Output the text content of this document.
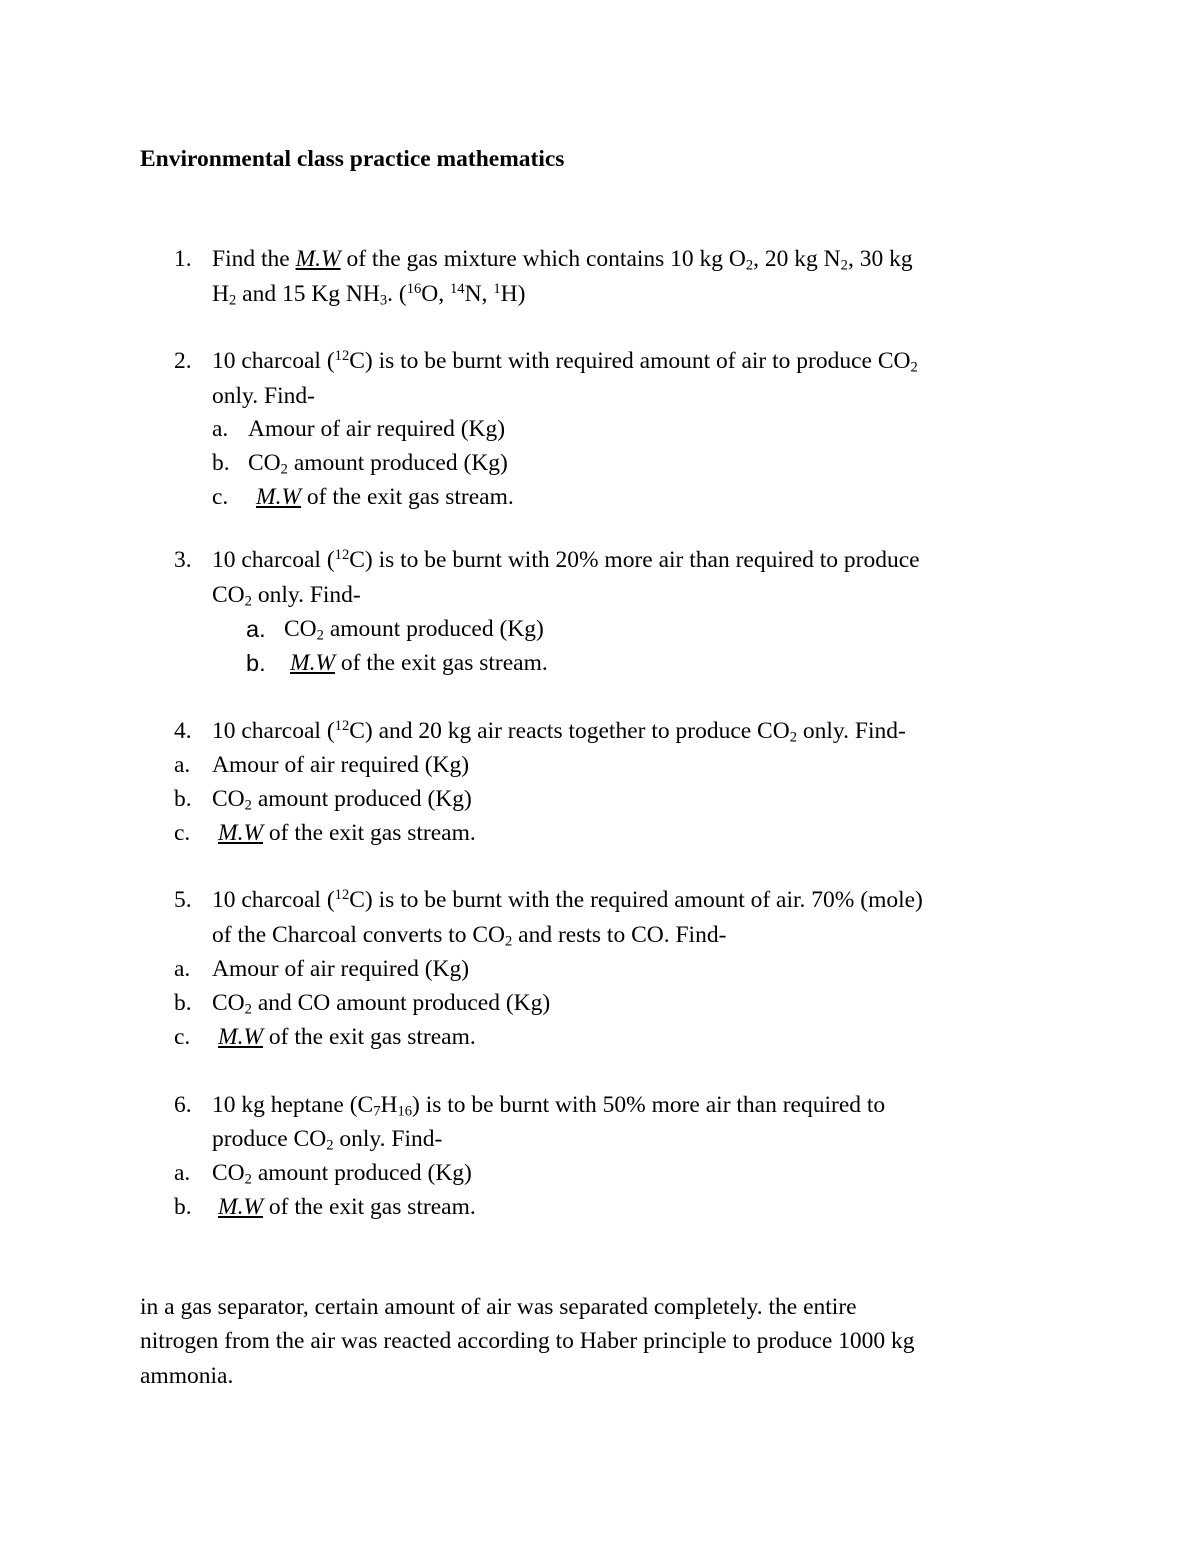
Environmental class practice mathematics
1. Find the M.W of the gas mixture which contains 10 kg $O_2$, 20 kg $N_2$, 30 kg
$H_2$ and 15 Kg $NH_3$. ($^{16}$O, $^{14}$N, $^1$H)
2. 10 charcoal ($^{12}$C) is to be burnt with required amount of air to produce $CO_2$
only. Find-
a. Amour of air required (Kg)
b. $CO_2$ amount produced (Kg)
c. M.W of the exit gas stream.
3. 10 charcoal ($^{12}$C) is to be burnt with 20% more air than required to produce
$CO_2$ only. Find-
a. $CO_2$ amount produced (Kg)
b. M.W of the exit gas stream.
4. 10 charcoal ($^{12}$C) and 20 kg air reacts together to produce $CO_2$ only. Find-
a. Amour of air required (Kg)
b. $CO_2$ amount produced (Kg)
c. M.W of the exit gas stream.
5. 10 charcoal ($^{12}$C) is to be burnt with the required amount of air. 70% (mole)
of the Charcoal converts to $CO_2$ and rests to CO. Find-
a. Amour of air required (Kg)
b. $CO_2$ and CO amount produced (Kg)
c. M.W of the exit gas stream.
6. 10 kg heptane $(C_7H_{16})$ is to be burnt with 50% more air than required to
produce $CO_2$ only. Find-
a. $CO_2$ amount produced (Kg)
b. M.W of the exit gas stream.
in a gas separator, certain amount of air was separated completely. the entire
nitrogen from the air was reacted according to Haber principle to produce 1000 kg
ammonia.
